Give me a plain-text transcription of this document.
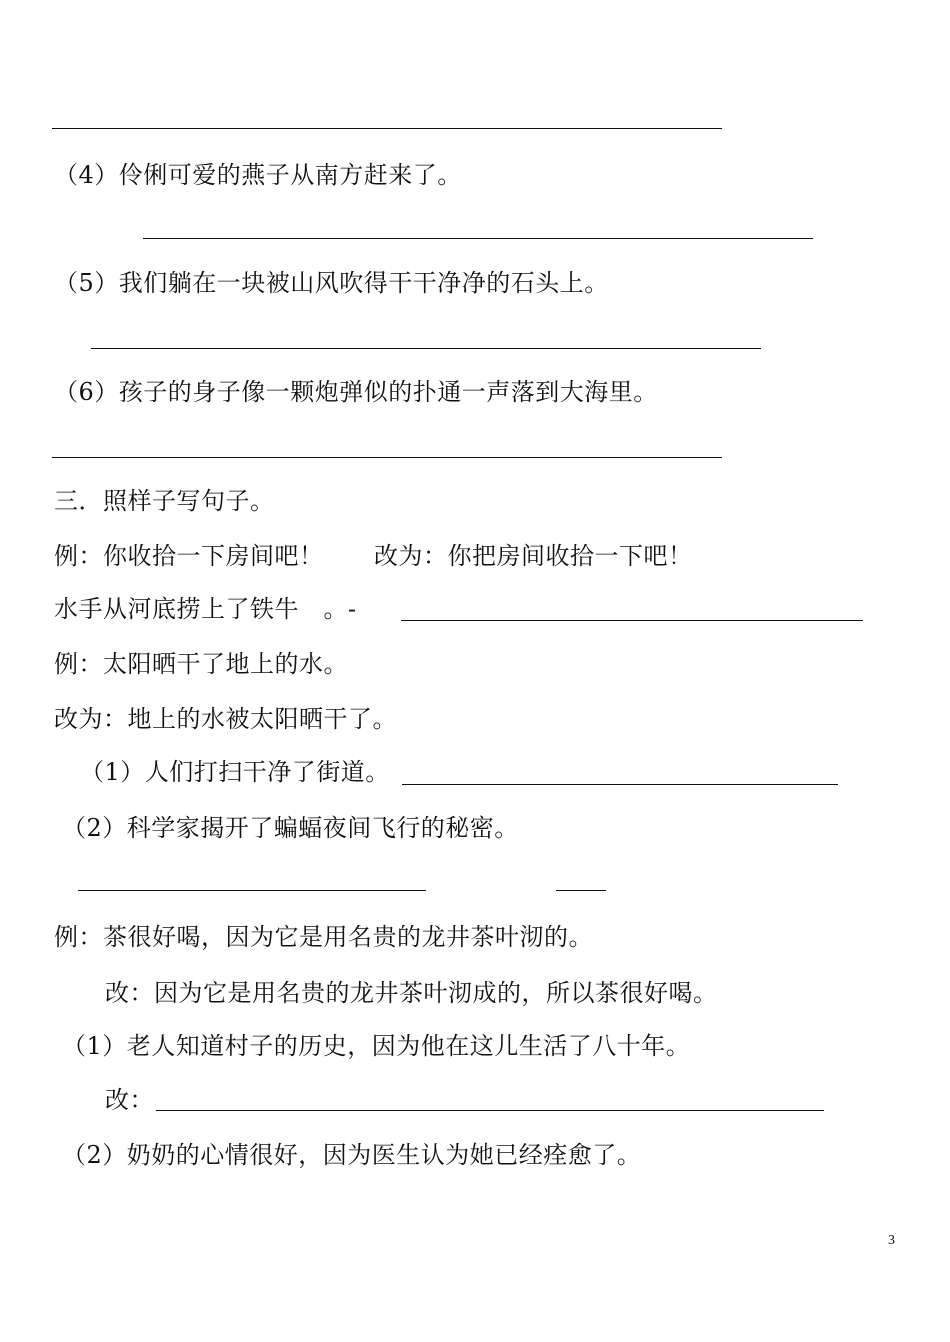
（4）伶俐可爱的燕子从南方赶来了。
（5）我们躺在一块被山风吹得干干净净的石头上。
（6）孩子的身子像一颗炮弹似的扑通一声落到大海里。
三．照样子写句子。
例：你收拾一下房间吧！ 改为：你把房间收拾一下吧！
水手从河底捞上了铁牛　。-
例：太阳晒干了地上的水。
改为：地上的水被太阳晒干了。
（1）人们打扫干净了街道。
（2）科学家揭开了蝙蝠夜间飞行的秘密。
例：茶很好喝，因为它是用名贵的龙井茶叶沏的。
改：因为它是用名贵的龙井茶叶沏成的，所以茶很好喝。
（1）老人知道村子的历史，因为他在这儿生活了八十年。
改：
（2）奶奶的心情很好，因为医生认为她已经痊愈了。
3
